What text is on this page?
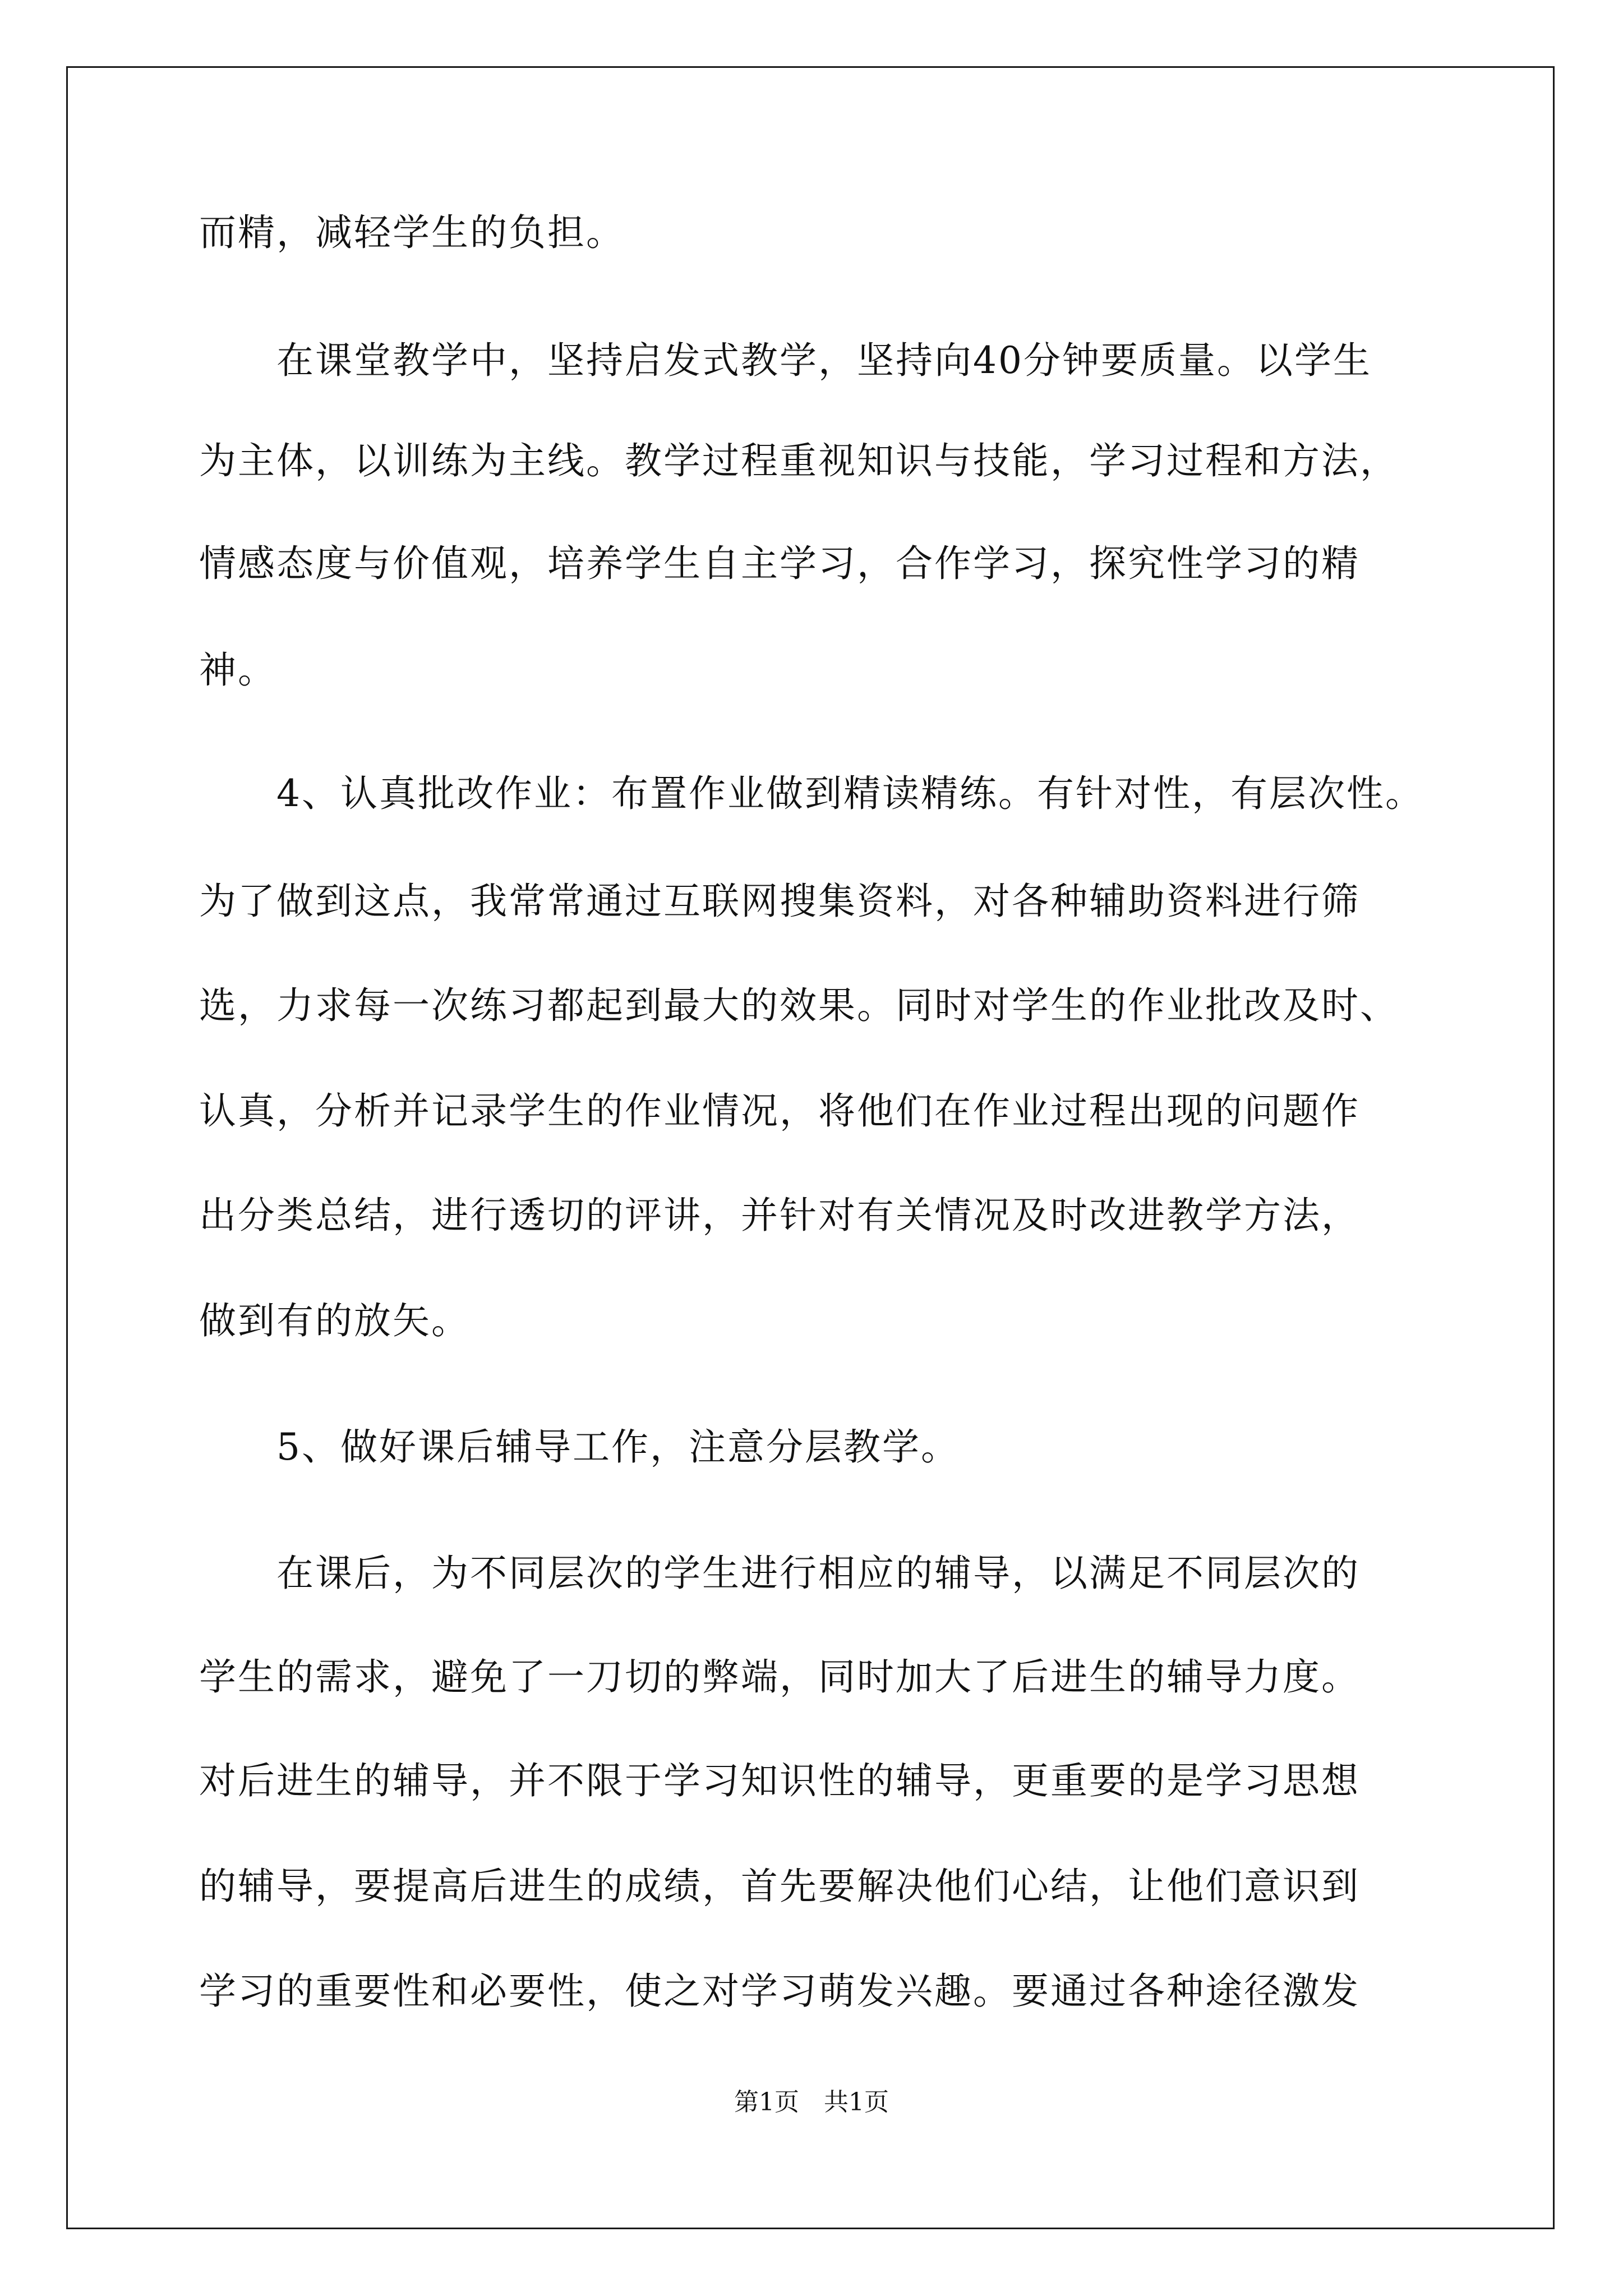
而精，减轻学生的负担。
　　在课堂教学中，坚持启发式教学，坚持向40分钟要质量。以学生
为主体，以训练为主线。教学过程重视知识与技能，学习过程和方法，
情感态度与价值观，培养学生自主学习，合作学习，探究性学习的精
神。
　　4、认真批改作业：布置作业做到精读精练。有针对性，有层次性。
为了做到这点，我常常通过互联网搜集资料，对各种辅助资料进行筛
选，力求每一次练习都起到最大的效果。同时对学生的作业批改及时、
认真，分析并记录学生的作业情况，将他们在作业过程出现的问题作
出分类总结，进行透切的评讲，并针对有关情况及时改进教学方法，
做到有的放矢。
　　5、做好课后辅导工作，注意分层教学。
　　在课后，为不同层次的学生进行相应的辅导，以满足不同层次的
学生的需求，避免了一刀切的弊端，同时加大了后进生的辅导力度。
对后进生的辅导，并不限于学习知识性的辅导，更重要的是学习思想
的辅导，要提高后进生的成绩，首先要解决他们心结，让他们意识到
学习的重要性和必要性，使之对学习萌发兴趣。要通过各种途径激发
第1页　共1页
